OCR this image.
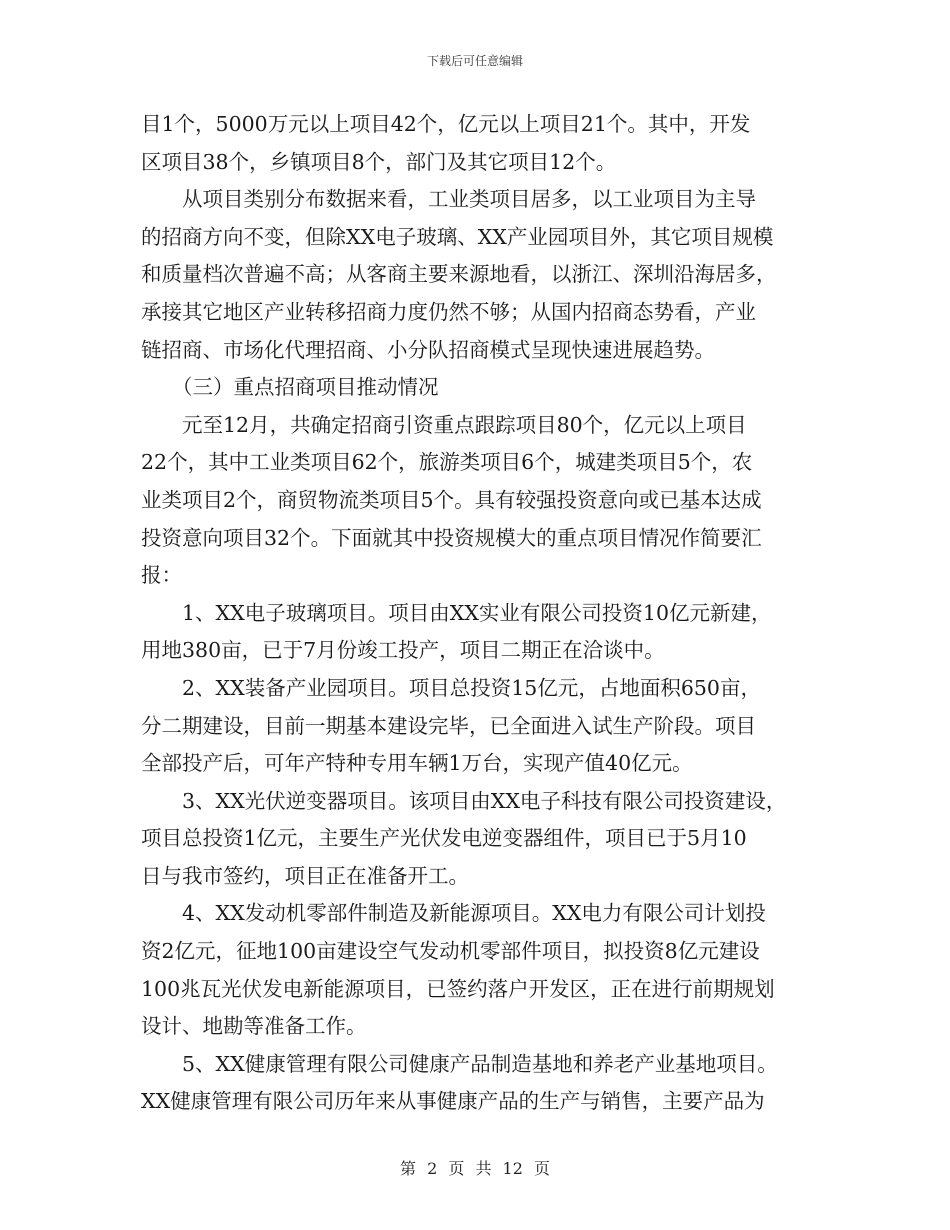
下载后可任意编辑
目1个，5000万元以上项目42个，亿元以上项目21个。其中，开发
区项目38个，乡镇项目8个，部门及其它项目12个。
从项目类别分布数据来看，工业类项目居多，以工业项目为主导
的招商方向不变，但除XX电子玻璃、XX产业园项目外，其它项目规模
和质量档次普遍不高；从客商主要来源地看，以浙江、深圳沿海居多，
承接其它地区产业转移招商力度仍然不够；从国内招商态势看，产业
链招商、市场化代理招商、小分队招商模式呈现快速进展趋势。
（三）重点招商项目推动情况
元至12月，共确定招商引资重点跟踪项目80个，亿元以上项目
22个，其中工业类项目62个，旅游类项目6个，城建类项目5个，农
业类项目2个，商贸物流类项目5个。具有较强投资意向或已基本达成
投资意向项目32个。下面就其中投资规模大的重点项目情况作简要汇
报：
1、XX电子玻璃项目。项目由XX实业有限公司投资10亿元新建，
用地380亩，已于7月份竣工投产，项目二期正在洽谈中。
2、XX装备产业园项目。项目总投资15亿元，占地面积650亩，
分二期建设，目前一期基本建设完毕，已全面进入试生产阶段。项目
全部投产后，可年产特种专用车辆1万台，实现产值40亿元。
3、XX光伏逆变器项目。该项目由XX电子科技有限公司投资建设，
项目总投资1亿元，主要生产光伏发电逆变器组件，项目已于5月10
日与我市签约，项目正在准备开工。
4、XX发动机零部件制造及新能源项目。XX电力有限公司计划投
资2亿元，征地100亩建设空气发动机零部件项目，拟投资8亿元建设
100兆瓦光伏发电新能源项目，已签约落户开发区，正在进行前期规划
设计、地勘等准备工作。
5、XX健康管理有限公司健康产品制造基地和养老产业基地项目。
XX健康管理有限公司历年来从事健康产品的生产与销售，主要产品为
第 2 页 共 12 页
